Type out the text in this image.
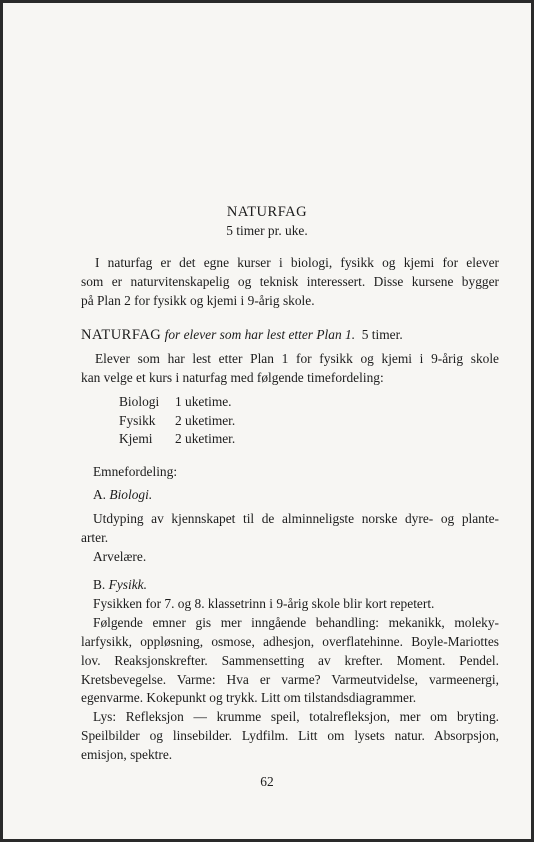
NATURFAG
5 timer pr. uke.
I naturfag er det egne kurser i biologi, fysikk og kjemi for elever
som er naturvitenskapelig og teknisk interessert. Disse kursene bygger
på Plan 2 for fysikk og kjemi i 9-årig skole.
NATURFAG for elever som har lest etter Plan 1. 5 timer.
Elever som har lest etter Plan 1 for fysikk og kjemi i 9-årig skole
kan velge et kurs i naturfag med følgende timefordeling:
Biologi 1 uketime.
Fysikk 2 uketimer.
Kjemi 2 uketimer.
Emnefordeling:
A. Biologi.
Utdyping av kjennskapet til de alminneligste norske dyre- og plante-
arter.
Arvelære.
B. Fysikk.
Fysikken for 7. og 8. klassetrinn i 9-årig skole blir kort repetert.
Følgende emner gis mer inngående behandling: mekanikk, moleky-
larfysikk, oppløsning, osmose, adhesjon, overflatehinne. Boyle-Mariottes
lov. Reaksjonskrefter. Sammensetting av krefter. Moment. Pendel.
Kretsbevegelse. Varme: Hva er varme? Varmeutvidelse, varmeenergi,
egenvarme. Kokepunkt og trykk. Litt om tilstandsdiagrammer.
Lys: Refleksjon — krumme speil, totalrefleksjon, mer om bryting.
Speilbilder og linsebilder. Lydfilm. Litt om lysets natur. Absorpsjon,
emisjon, spektre.
62
